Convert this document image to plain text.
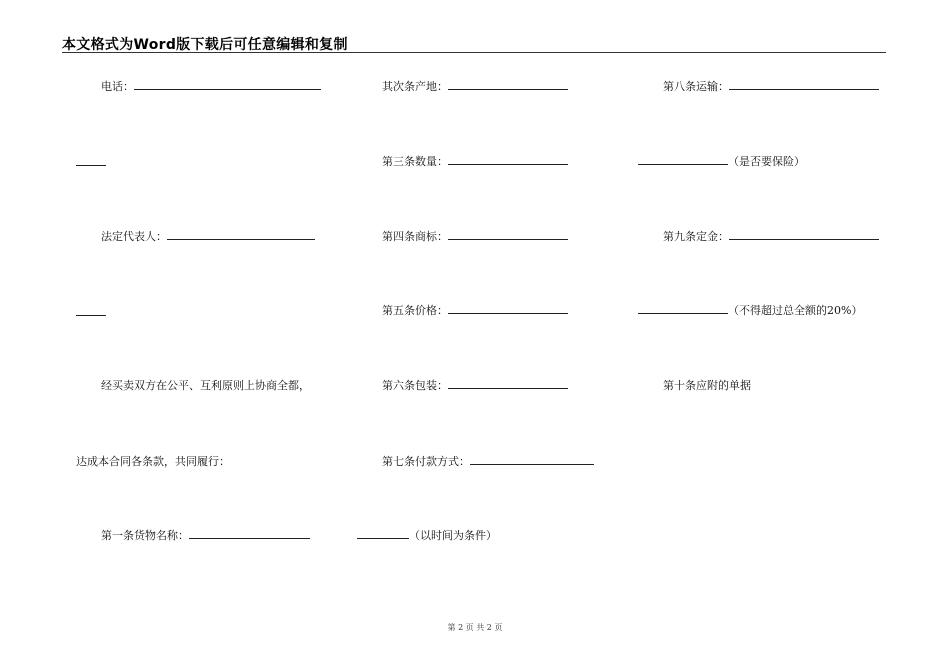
本文格式为Word版下载后可任意编辑和复制
电话：
法定代表人：
经买卖双方在公平、互利原则上协商全都，
达成本合同各条款，共同履行：
第一条货物名称：
其次条产地：
第三条数量：
第四条商标：
第五条价格：
第六条包装：
第七条付款方式：
（以时间为条件）
第八条运输：
（是否要保险）
第九条定金：
（不得超过总全额的20%）
第十条应附的单据
第 2 页 共 2 页
